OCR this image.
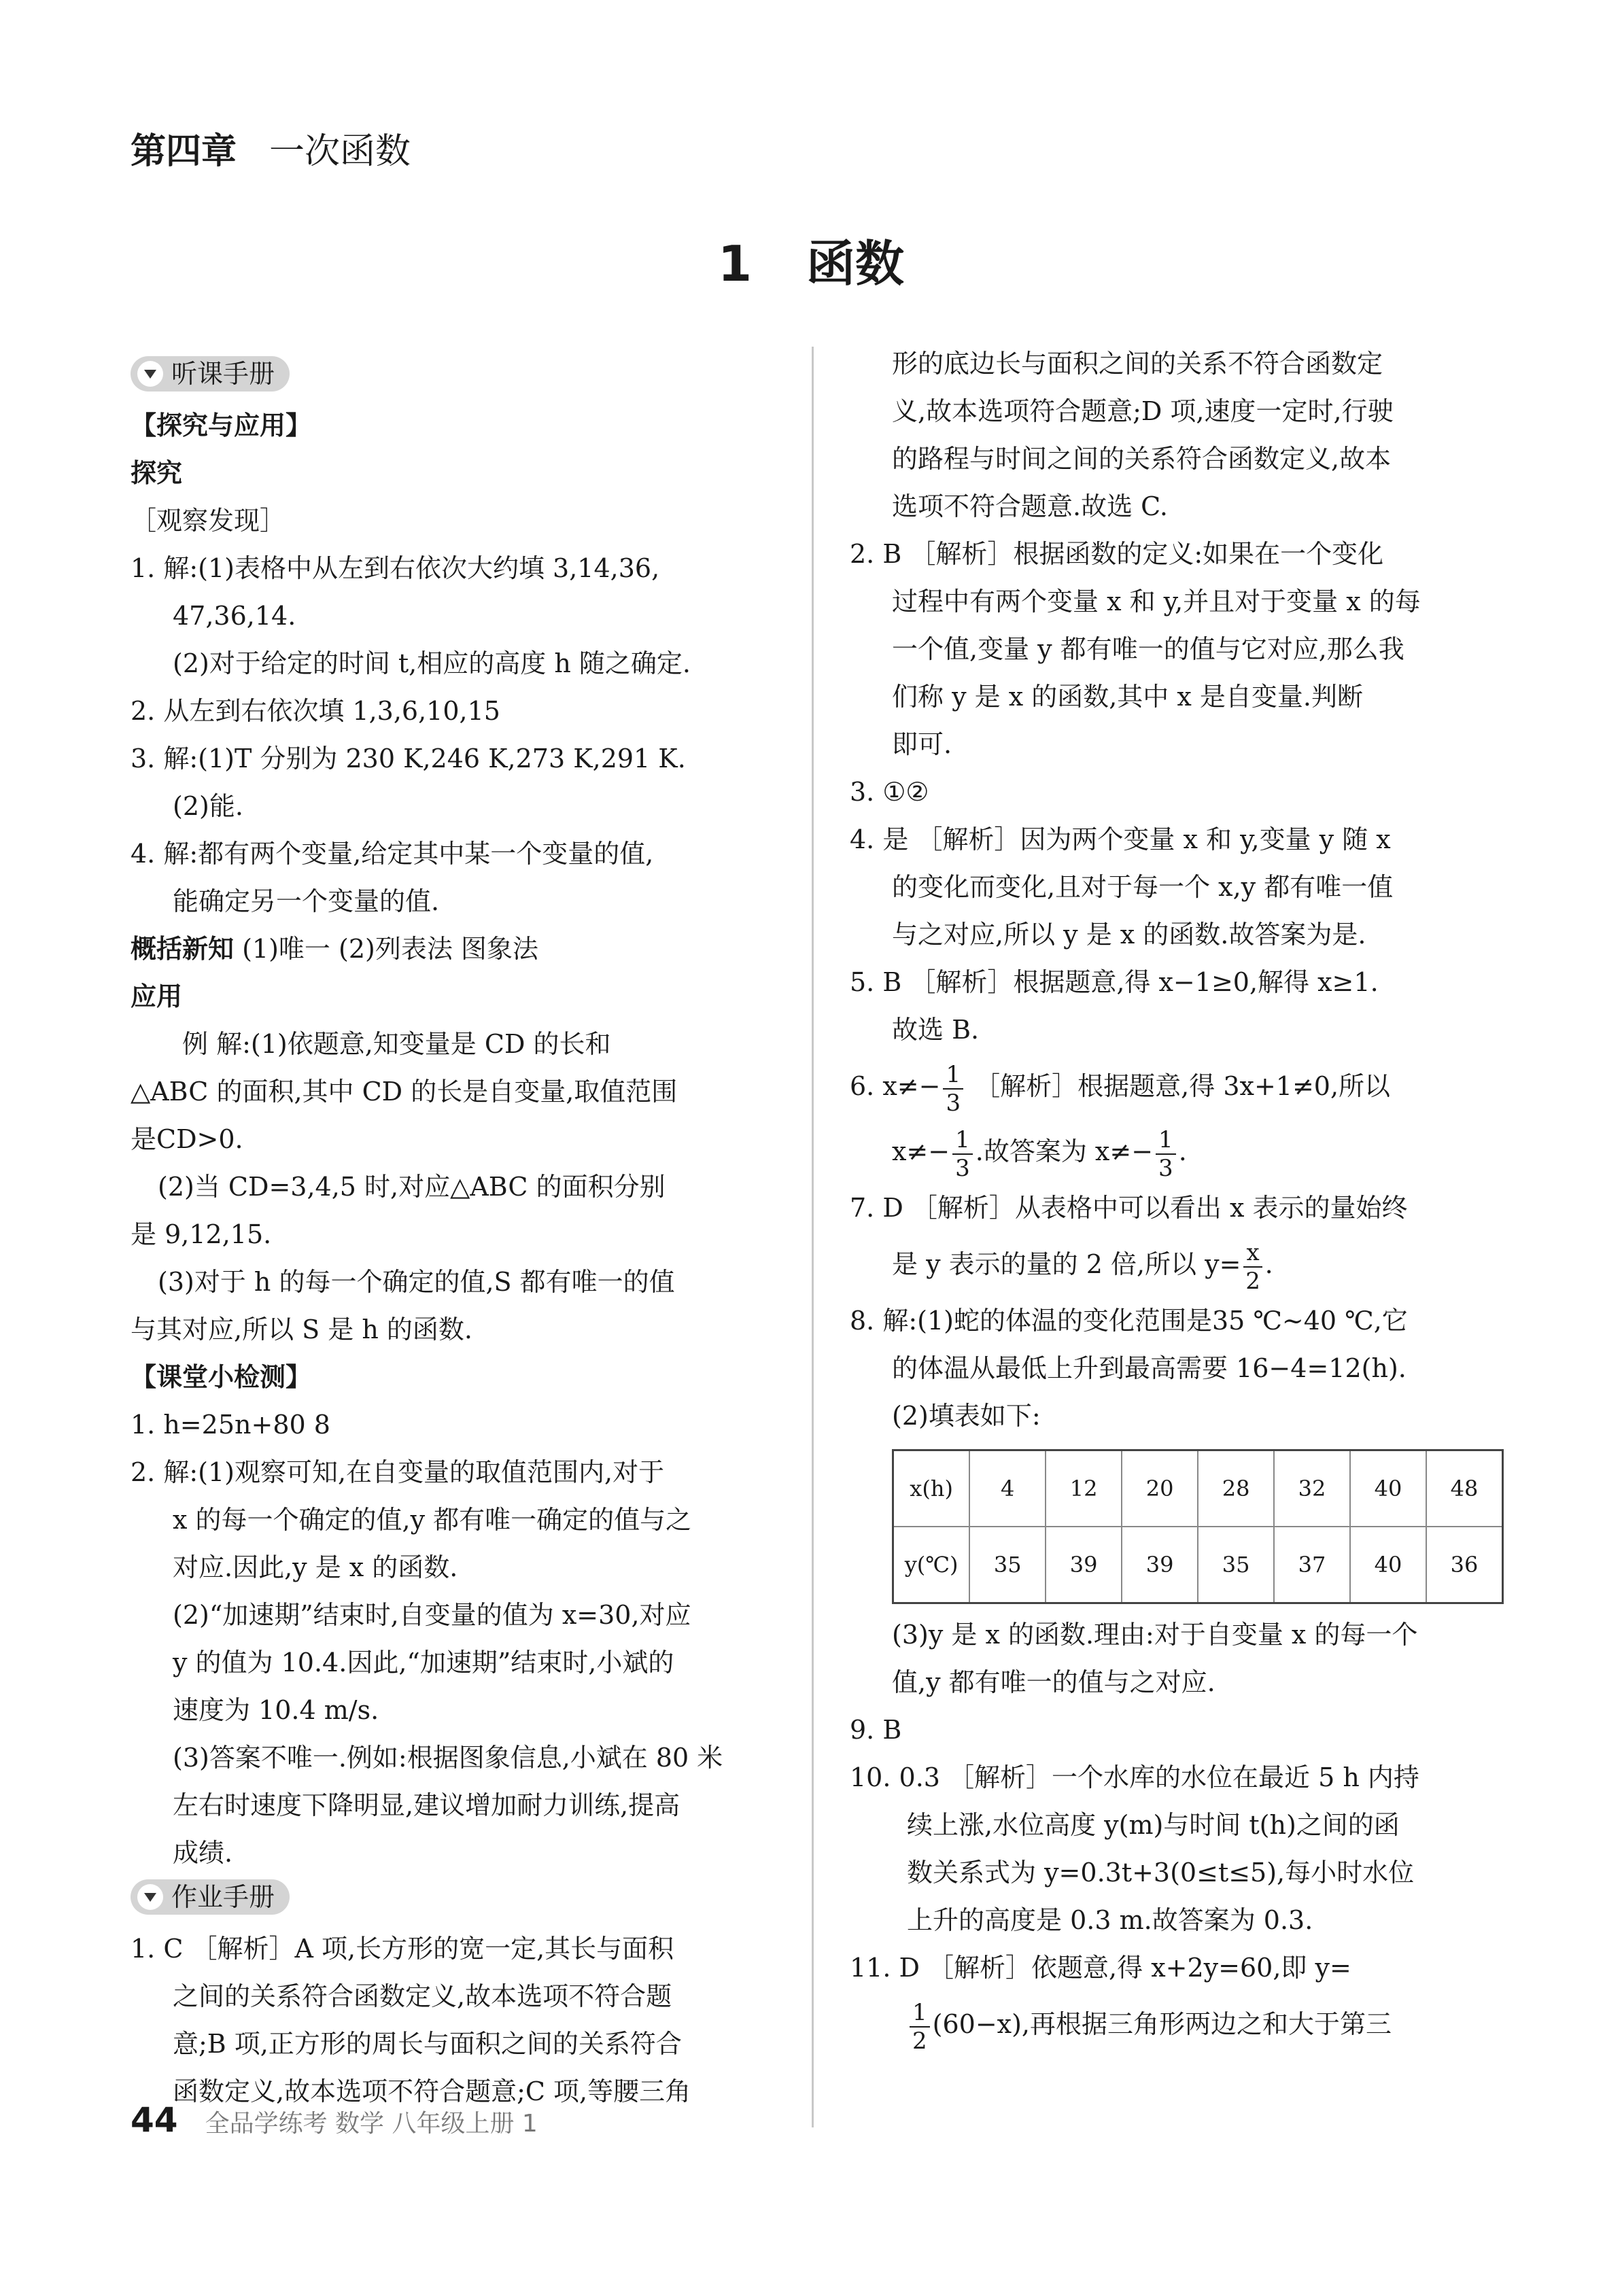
第四章 一次函数
1 函数
听课手册
【探究与应用】
探究
［观察发现］
1. 解:(1)表格中从左到右依次大约填 3,14,36,
47,36,14.
(2)对于给定的时间 t,相应的高度 h 随之确定.
2. 从左到右依次填 1,3,6,10,15
3. 解:(1)T 分别为 230 K,246 K,273 K,291 K.
(2)能.
4. 解:都有两个变量,给定其中某一个变量的值,
能确定另一个变量的值.
概括新知 (1)唯一 (2)列表法 图象法
应用
例 解:(1)依题意,知变量是 CD 的长和
△ABC 的面积,其中 CD 的长是自变量,取值范围
是CD>0.
(2)当 CD=3,4,5 时,对应△ABC 的面积分别
是 9,12,15.
(3)对于 h 的每一个确定的值,S 都有唯一的值
与其对应,所以 S 是 h 的函数.
【课堂小检测】
1. h=25n+80 8
2. 解:(1)观察可知,在自变量的取值范围内,对于
x 的每一个确定的值,y 都有唯一确定的值与之
对应.因此,y 是 x 的函数.
(2)“加速期”结束时,自变量的值为 x=30,对应
y 的值为 10.4.因此,“加速期”结束时,小斌的
速度为 10.4 m/s.
(3)答案不唯一.例如:根据图象信息,小斌在 80 米
左右时速度下降明显,建议增加耐力训练,提高
成绩.
作业手册
1. C ［解析］A 项,长方形的宽一定,其长与面积
之间的关系符合函数定义,故本选项不符合题
意;B 项,正方形的周长与面积之间的关系符合
函数定义,故本选项不符合题意;C 项,等腰三角
形的底边长与面积之间的关系不符合函数定
义,故本选项符合题意;D 项,速度一定时,行驶
的路程与时间之间的关系符合函数定义,故本
选项不符合题意.故选 C.
2. B ［解析］根据函数的定义:如果在一个变化
过程中有两个变量 x 和 y,并且对于变量 x 的每
一个值,变量 y 都有唯一的值与它对应,那么我
们称 y 是 x 的函数,其中 x 是自变量.判断
即可.
3. ①②
4. 是 ［解析］因为两个变量 x 和 y,变量 y 随 x
的变化而变化,且对于每一个 x,y 都有唯一值
与之对应,所以 y 是 x 的函数.故答案为是.
5. B ［解析］根据题意,得 x−1≥0,解得 x≥1.
故选 B.
6. $x\ne- \frac{1}{3}$ ［解析］根据题意,得 3x+1≠0,所以
$x\ne- \frac{1}{3}$ .故答案为 $x\ne- \frac{1}{3}$ .
7. D ［解析］从表格中可以看出 x 表示的量始终
是 y 表示的量的 2 倍,所以 $y= \frac{x}{2}$ .
8. 解:(1)蛇的体温的变化范围是35 ℃~40 ℃,它
的体温从最低上升到最高需要 16−4=12(h).
(2)填表如下:
x(h)	4	12	20	28	32	40	48
y(℃)	35	39	39	35	37	40	36
(3)y 是 x 的函数.理由:对于自变量 x 的每一个
值,y 都有唯一的值与之对应.
9. B
10. 0.3 ［解析］一个水库的水位在最近 5 h 内持
续上涨,水位高度 y(m)与时间 t(h)之间的函
数关系式为 y=0.3t+3(0≤t≤5),每小时水位
上升的高度是 0.3 m.故答案为 0.3.
11. D ［解析］依题意,得 x+2y=60,即 y=
$\frac{1}{2} (60-x)$,再根据三角形两边之和大于第三
44 全品学练考 数学 八年级上册 1
